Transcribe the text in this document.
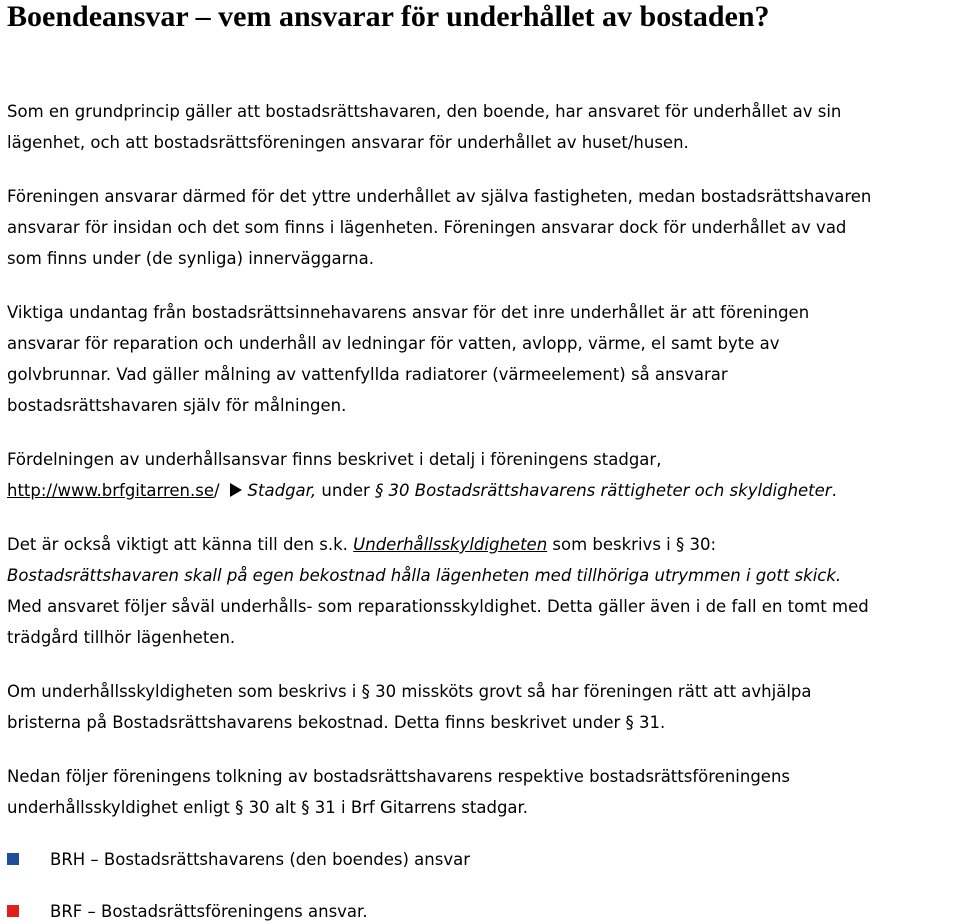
Boendeansvar – vem ansvarar för underhållet av bostaden?

Som en grundprincip gäller att bostadsrättshavaren, den boende, har ansvaret för underhållet av sin
lägenhet, och att bostadsrättsföreningen ansvarar för underhållet av huset/husen.

Föreningen ansvarar därmed för det yttre underhållet av själva fastigheten, medan bostadsrättshavaren
ansvarar för insidan och det som finns i lägenheten. Föreningen ansvarar dock för underhållet av vad
som finns under (de synliga) innerväggarna.

Viktiga undantag från bostadsrättsinnehavarens ansvar för det inre underhållet är att föreningen
ansvarar för reparation och underhåll av ledningar för vatten, avlopp, värme, el samt byte av
golvbrunnar. Vad gäller målning av vattenfyllda radiatorer (värmeelement) så ansvarar
bostadsrättshavaren själv för målningen.

Fördelningen av underhållsansvar finns beskrivet i detalj i föreningens stadgar,
http://www.brfgitarren.se/ Stadgar, under § 30 Bostadsrättshavarens rättigheter och skyldigheter.

Det är också viktigt att känna till den s.k. Underhållsskyldigheten som beskrivs i § 30:
Bostadsrättshavaren skall på egen bekostnad hålla lägenheten med tillhöriga utrymmen i gott skick.
Med ansvaret följer såväl underhålls- som reparationsskyldighet. Detta gäller även i de fall en tomt med
trädgård tillhör lägenheten.

Om underhållsskyldigheten som beskrivs i § 30 missköts grovt så har föreningen rätt att avhjälpa
bristerna på Bostadsrättshavarens bekostnad. Detta finns beskrivet under § 31.

Nedan följer föreningens tolkning av bostadsrättshavarens respektive bostadsrättsföreningens
underhållsskyldighet enligt § 30 alt § 31 i Brf Gitarrens stadgar.

BRH – Bostadsrättshavarens (den boendes) ansvar
BRF – Bostadsrättsföreningens ansvar.
